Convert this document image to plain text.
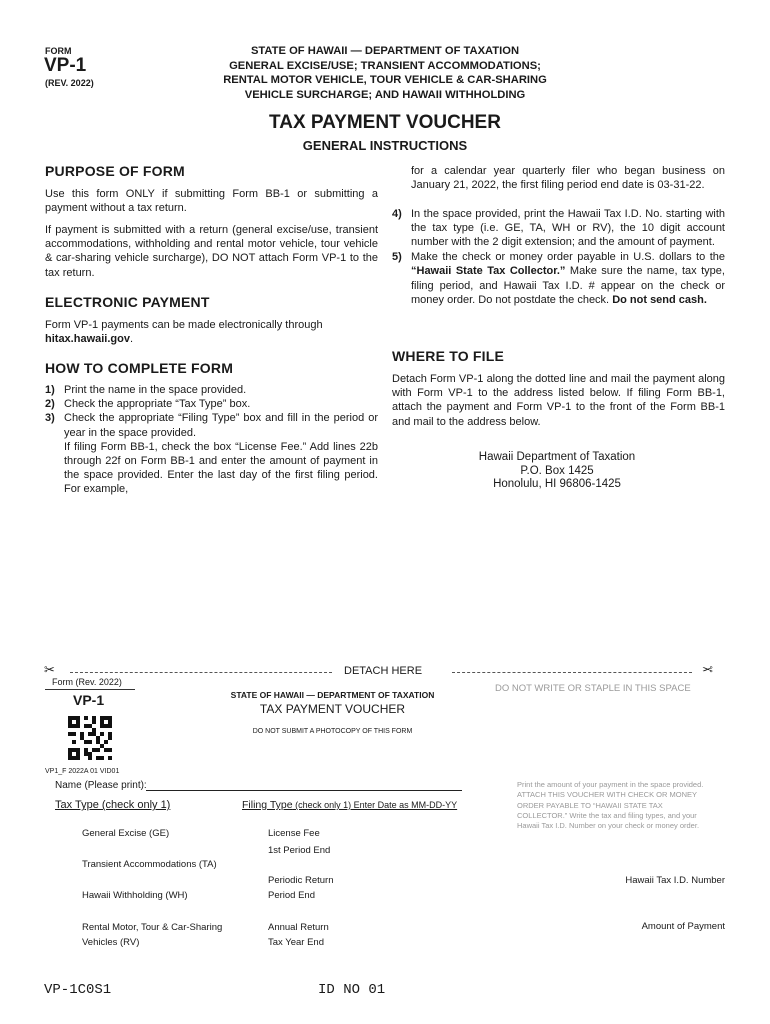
FORM
VP-1
(REV. 2022)
STATE OF HAWAII — DEPARTMENT OF TAXATION
GENERAL EXCISE/USE; TRANSIENT ACCOMMODATIONS;
RENTAL MOTOR VEHICLE, TOUR VEHICLE & CAR-SHARING
VEHICLE SURCHARGE; AND HAWAII WITHHOLDING
TAX PAYMENT VOUCHER
GENERAL INSTRUCTIONS
PURPOSE OF FORM
Use this form ONLY if submitting Form BB-1 or submitting a payment without a tax return.
If payment is submitted with a return (general excise/use, transient accommodations, withholding and rental motor vehicle, tour vehicle & car-sharing vehicle surcharge), DO NOT attach Form VP-1 to the tax return.
ELECTRONIC PAYMENT
Form VP-1 payments can be made electronically through hitax.hawaii.gov.
HOW TO COMPLETE FORM
1) Print the name in the space provided.
2) Check the appropriate “Tax Type” box.
3) Check the appropriate “Filing Type” box and fill in the period or year in the space provided.
If filing Form BB-1, check the box “License Fee.” Add lines 22b through 22f on Form BB-1 and enter the amount of payment in the space provided. Enter the last day of the first filing period. For example,
for a calendar year quarterly filer who began business on January 21, 2022, the first filing period end date is 03-31-22.
4) In the space provided, print the Hawaii Tax I.D. No. starting with the tax type (i.e. GE, TA, WH or RV), the 10 digit account number with the 2 digit extension; and the amount of payment.
5) Make the check or money order payable in U.S. dollars to the “Hawaii State Tax Collector.” Make sure the name, tax type, filing period, and Hawaii Tax I.D. # appear on the check or money order. Do not postdate the check. Do not send cash.
WHERE TO FILE
Detach Form VP-1 along the dotted line and mail the payment along with Form VP-1 to the address listed below. If filing Form BB-1, attach the payment and Form VP-1 to the front of the Form BB-1 and mail to the address below.
Hawaii Department of Taxation
P.O. Box 1425
Honolulu, HI 96806-1425
✂	DETACH HERE	✂
Form (Rev. 2022)
VP-1	STATE OF HAWAII — DEPARTMENT OF TAXATION
TAX PAYMENT VOUCHER
DO NOT SUBMIT A PHOTOCOPY OF THIS FORM
DO NOT WRITE OR STAPLE IN THIS SPACE
VP1_F 2022A 01 VID01
Name (Please print):
Tax Type (check only 1)	Filing Type (check only 1) Enter Date as MM-DD-YY
General Excise (GE)
Transient Accommodations (TA)
Hawaii Withholding (WH)
Rental Motor, Tour & Car-Sharing
Vehicles (RV)
License Fee
1st Period End
Periodic Return
Period End
Annual Return
Tax Year End
Print the amount of your payment in the space provided. ATTACH THIS VOUCHER WITH CHECK OR MONEY ORDER PAYABLE TO “HAWAII STATE TAX COLLECTOR.” Write the tax and filing types, and your Hawaii Tax I.D. Number on your check or money order.
Hawaii Tax I.D. Number
Amount of Payment
VP-1C0S1	ID NO 01
